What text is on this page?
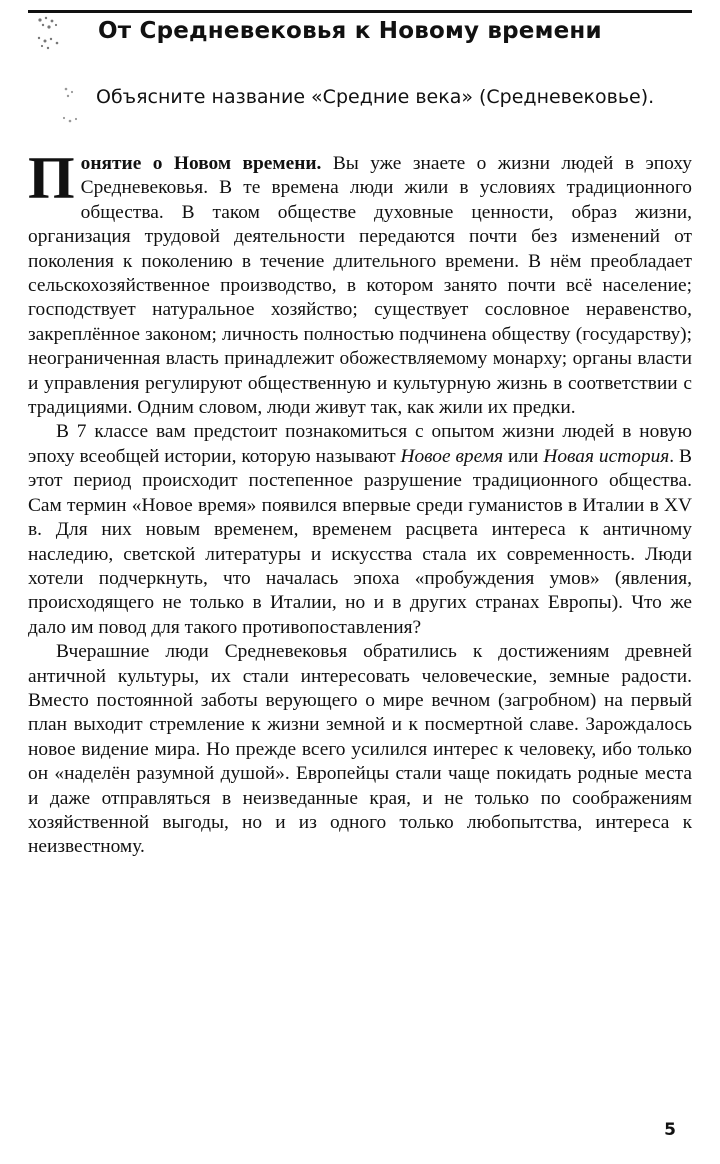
От Средневековья к Новому времени
Объясните название «Средние века» (Средневековье).

Понятие о Новом времени. Вы уже знаете о жизни людей в эпоху Средневековья. В те времена люди жили в условиях традиционного общества. В таком обществе духовные ценности, образ жизни, организация трудовой деятельности передаются почти без изменений от поколения к поколению в течение длительного времени. В нём преобладает сельскохозяйственное производство, в котором занято почти всё население; господствует натуральное хозяйство; существует сословное неравенство, закреплённое законом; личность полностью подчинена обществу (государству); неограниченная власть принадлежит обожествляемому монарху; органы власти и управления регулируют общественную и культурную жизнь в соответствии с традициями. Одним словом, люди живут так, как жили их предки.

В 7 классе вам предстоит познакомиться с опытом жизни людей в новую эпоху всеобщей истории, которую называют Новое время или Новая история. В этот период происходит постепенное разрушение традиционного общества. Сам термин «Новое время» появился впервые среди гуманистов в Италии в XV в. Для них новым временем, временем расцвета интереса к античному наследию, светской литературы и искусства стала их современность. Люди хотели подчеркнуть, что началась эпоха «пробуждения умов» (явления, происходящего не только в Италии, но и в других странах Европы). Что же дало им повод для такого противопоставления?

Вчерашние люди Средневековья обратились к достижениям древней античной культуры, их стали интересовать человеческие, земные радости. Вместо постоянной заботы верующего о мире вечном (загробном) на первый план выходит стремление к жизни земной и к посмертной славе. Зарождалось новое видение мира. Но прежде всего усилился интерес к человеку, ибо только он «наделён разумной душой». Европейцы стали чаще покидать родные места и даже отправляться в неизведанные края, и не только по соображениям хозяйственной выгоды, но и из одного только любопытства, интереса к неизвестному.

5
